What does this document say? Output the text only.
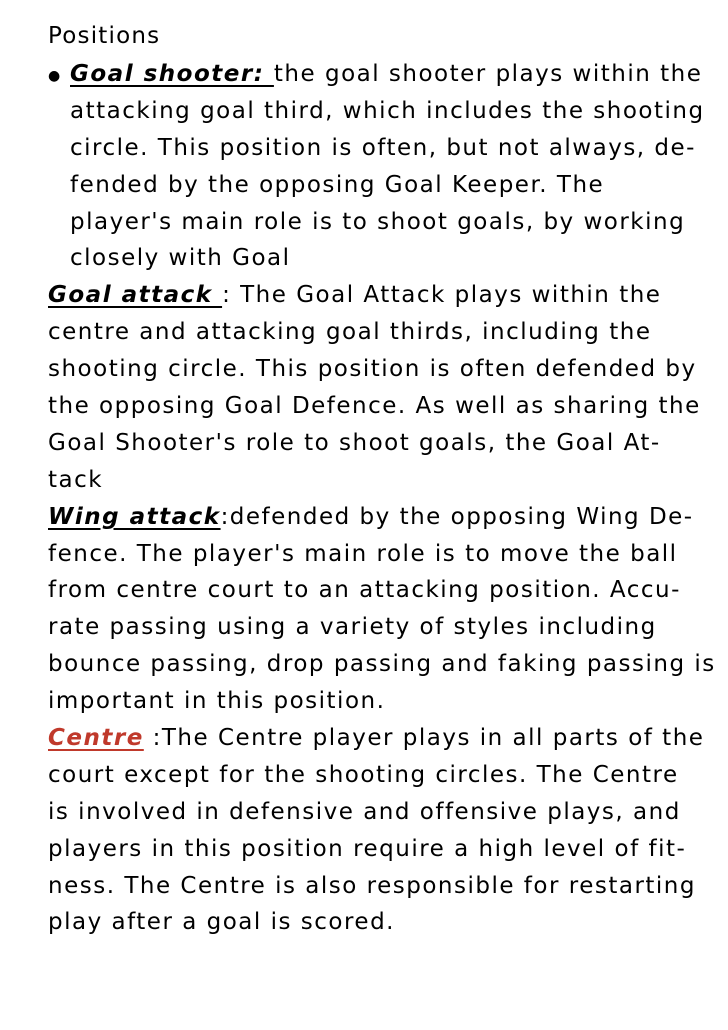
Positions
● Goal shooter: the goal shooter plays within the
attacking goal third, which includes the shooting
circle. This position is often, but not always, de-
fended by the opposing Goal Keeper. The
player's main role is to shoot goals, by working
closely with Goal
Goal attack : The Goal Attack plays within the
centre and attacking goal thirds, including the
shooting circle. This position is often defended by
the opposing Goal Defence. As well as sharing the
Goal Shooter's role to shoot goals, the Goal At-
tack
Wing attack:defended by the opposing Wing De-
fence. The player's main role is to move the ball
from centre court to an attacking position. Accu-
rate passing using a variety of styles including
bounce passing, drop passing and faking passing is
important in this position.
Centre :The Centre player plays in all parts of the
court except for the shooting circles. The Centre
is involved in defensive and offensive plays, and
players in this position require a high level of fit-
ness. The Centre is also responsible for restarting
play after a goal is scored.
